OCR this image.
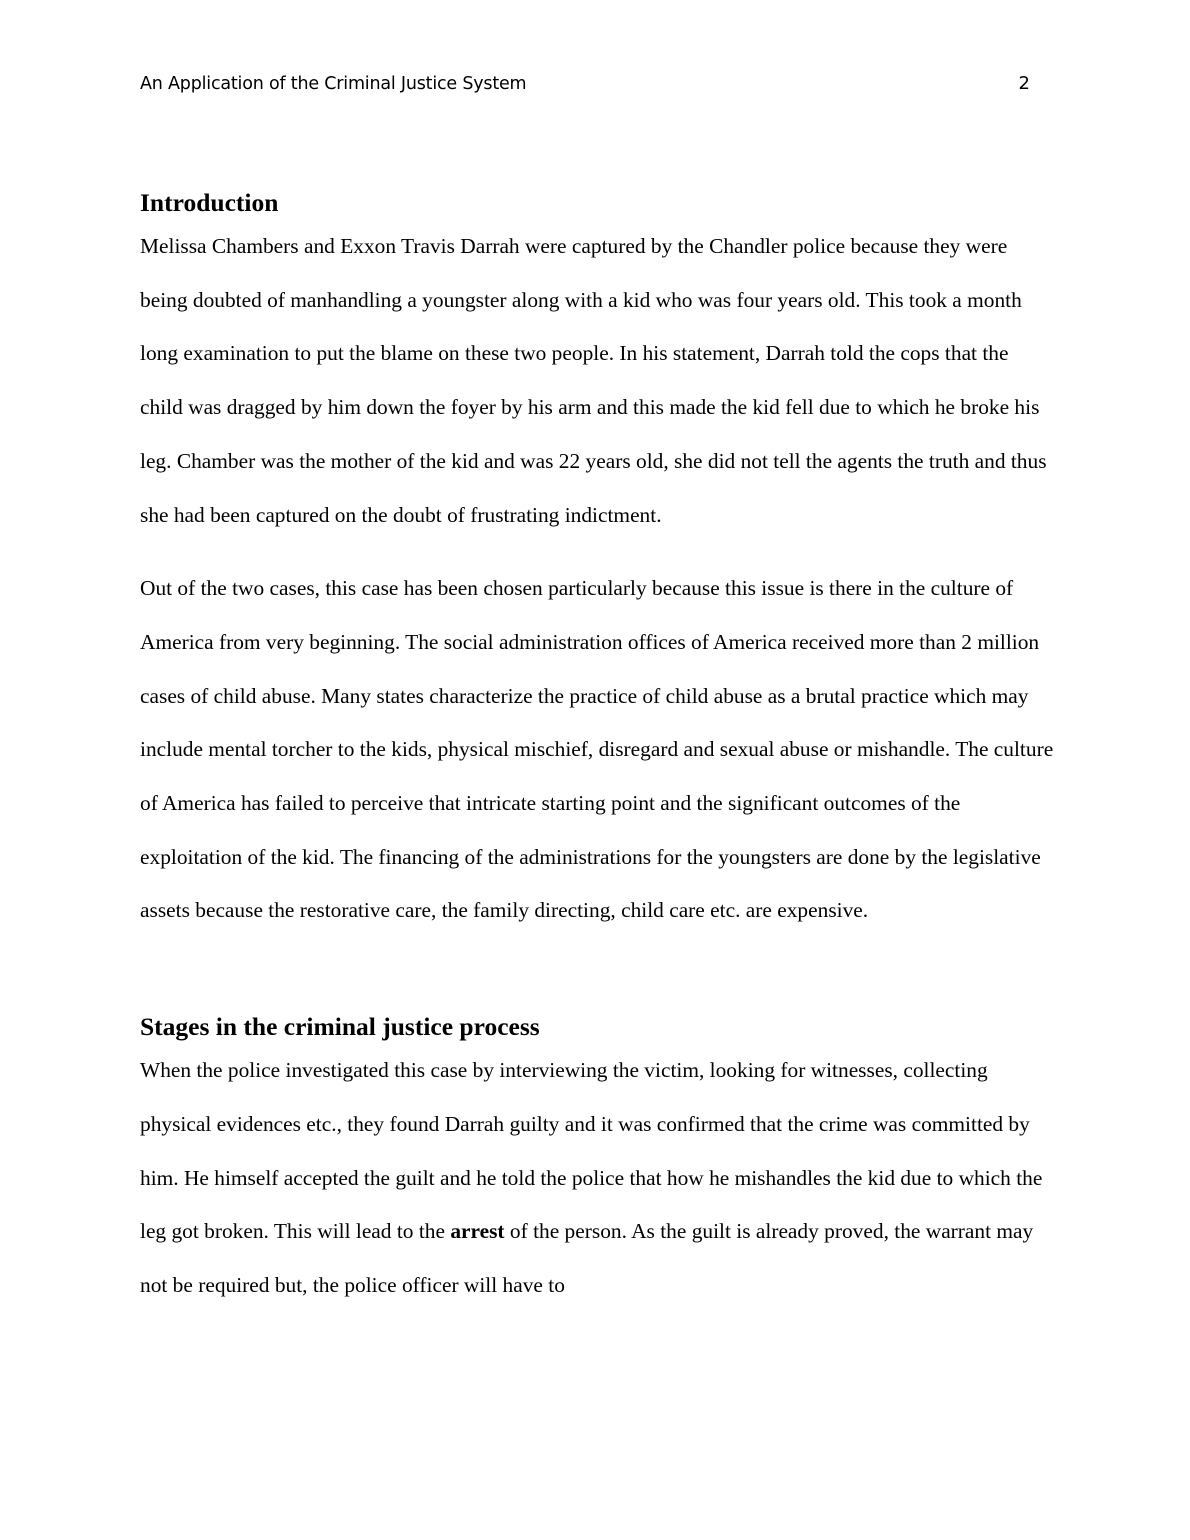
An Application of the Criminal Justice System	2
Introduction

Melissa Chambers and Exxon Travis Darrah were captured by the Chandler police because they were being doubted of manhandling a youngster along with a kid who was four years old. This took a month long examination to put the blame on these two people. In his statement, Darrah told the cops that the child was dragged by him down the foyer by his arm and this made the kid fell due to which he broke his leg. Chamber was the mother of the kid and was 22 years old, she did not tell the agents the truth and thus she had been captured on the doubt of frustrating indictment.

Out of the two cases, this case has been chosen particularly because this issue is there in the culture of America from very beginning. The social administration offices of America received more than 2 million cases of child abuse. Many states characterize the practice of child abuse as a brutal practice which may include mental torcher to the kids, physical mischief, disregard and sexual abuse or mishandle. The culture of America has failed to perceive that intricate starting point and the significant outcomes of the exploitation of the kid. The financing of the administrations for the youngsters are done by the legislative assets because the restorative care, the family directing, child care etc. are expensive.

Stages in the criminal justice process

When the police investigated this case by interviewing the victim, looking for witnesses, collecting physical evidences etc., they found Darrah guilty and it was confirmed that the crime was committed by him. He himself accepted the guilt and he told the police that how he mishandles the kid due to which the leg got broken. This will lead to the arrest of the person. As the guilt is already proved, the warrant may not be required but, the police officer will have to
